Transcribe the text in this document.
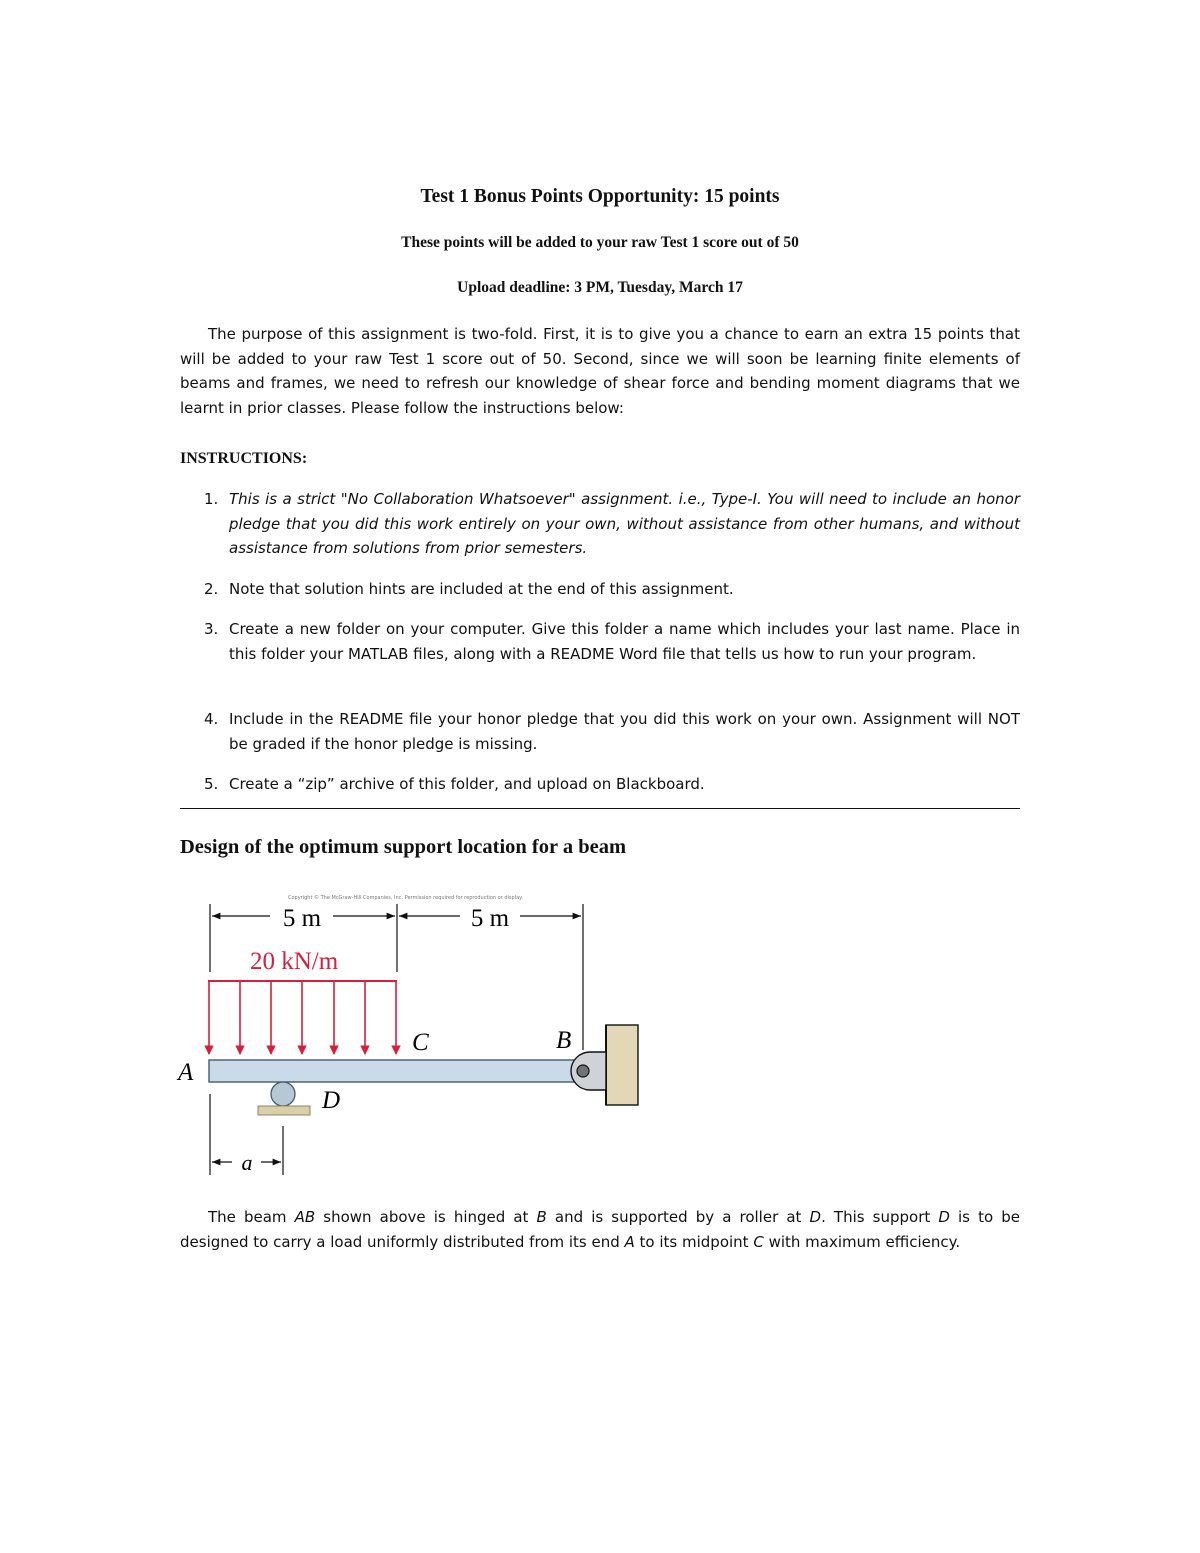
Test 1 Bonus Points Opportunity: 15 points
These points will be added to your raw Test 1 score out of 50
Upload deadline: 3 PM, Tuesday, March 17
The purpose of this assignment is two-fold. First, it is to give you a chance to earn an extra 15 points that will be added to your raw Test 1 score out of 50. Second, since we will soon be learning finite elements of beams and frames, we need to refresh our knowledge of shear force and bending moment diagrams that we learnt in prior classes. Please follow the instructions below:
INSTRUCTIONS:
1. This is a strict "No Collaboration Whatsoever" assignment. i.e., Type-I. You will need to include an honor pledge that you did this work entirely on your own, without assistance from other humans, and without assistance from solutions from prior semesters.
2. Note that solution hints are included at the end of this assignment.
3. Create a new folder on your computer. Give this folder a name which includes your last name. Place in this folder your MATLAB files, along with a README Word file that tells us how to run your program.
4. Include in the README file your honor pledge that you did this work on your own. Assignment will NOT be graded if the honor pledge is missing.
5. Create a “zip” archive of this folder, and upload on Blackboard.
Design of the optimum support location for a beam
Copyright © The McGraw-Hill Companies, Inc. Permission required for reproduction or display.
5 m	5 m
20 kN/m
C	B
A
D
a
The beam AB shown above is hinged at B and is supported by a roller at D. This support D is to be designed to carry a load uniformly distributed from its end A to its midpoint C with maximum efficiency.
